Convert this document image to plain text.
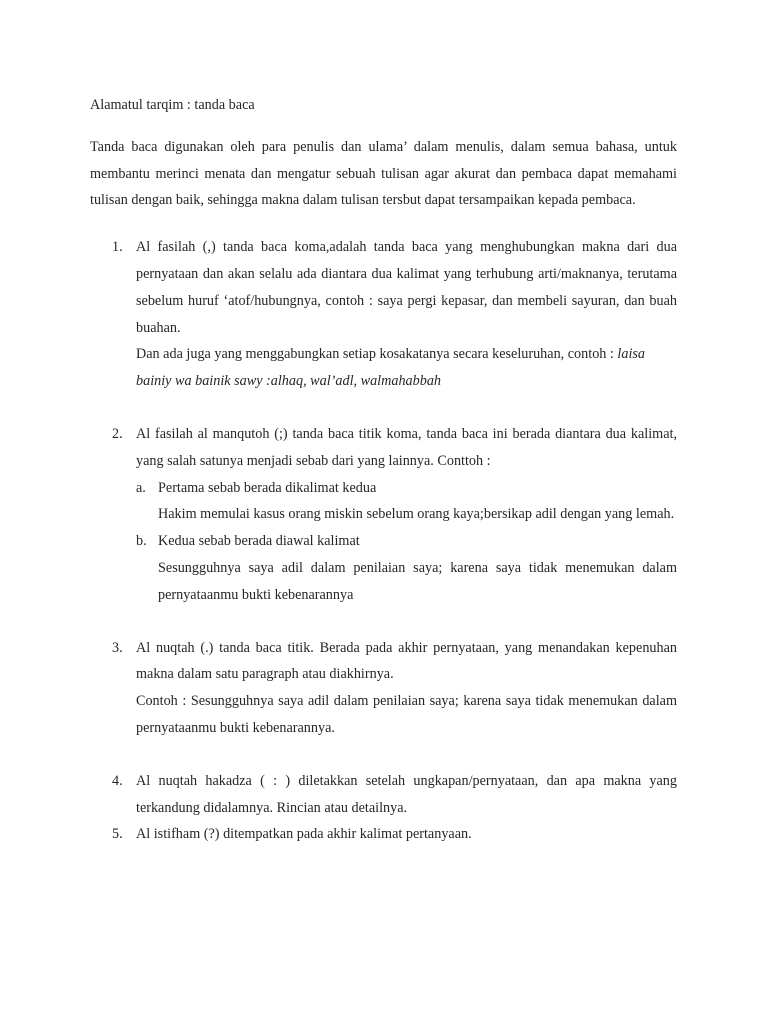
Alamatul tarqim : tanda baca

Tanda baca digunakan oleh para penulis dan ulama’ dalam menulis, dalam semua bahasa, untuk membantu merinci menata dan mengatur sebuah tulisan agar akurat dan pembaca dapat memahami tulisan dengan baik, sehingga makna dalam tulisan tersbut dapat tersampaikan kepada pembaca.

1. Al fasilah (,) tanda baca koma,adalah tanda baca yang menghubungkan makna dari dua pernyataan dan akan selalu ada diantara dua kalimat yang terhubung arti/maknanya, terutama sebelum huruf ‘atof/hubungnya, contoh : saya pergi kepasar, dan membeli sayuran, dan buah buahan.

Dan ada juga yang menggabungkan setiap kosakatanya secara keseluruhan, contoh : laisa bainiy wa bainik sawy :alhaq, wal’adl, walmahabbah

2. Al fasilah al manqutoh (;) tanda baca titik koma, tanda baca ini berada diantara dua kalimat, yang salah satunya menjadi sebab dari yang lainnya. Conttoh :

a. Pertama sebab berada dikalimat kedua

Hakim memulai kasus orang miskin sebelum orang kaya;bersikap adil dengan yang lemah.

b. Kedua sebab berada diawal kalimat

Sesungguhnya saya adil dalam penilaian saya; karena saya tidak menemukan dalam pernyataanmu bukti kebenarannya

3. Al nuqtah (.) tanda baca titik. Berada pada akhir pernyataan, yang menandakan kepenuhan makna dalam satu paragraph atau diakhirnya.

Contoh : Sesungguhnya saya adil dalam penilaian saya; karena saya tidak menemukan dalam pernyataanmu bukti kebenarannya.

4. Al nuqtah hakadza ( : ) diletakkan setelah ungkapan/pernyataan, dan apa makna yang terkandung didalamnya. Rincian atau detailnya.

5. Al istifham (?) ditempatkan pada akhir kalimat pertanyaan.
